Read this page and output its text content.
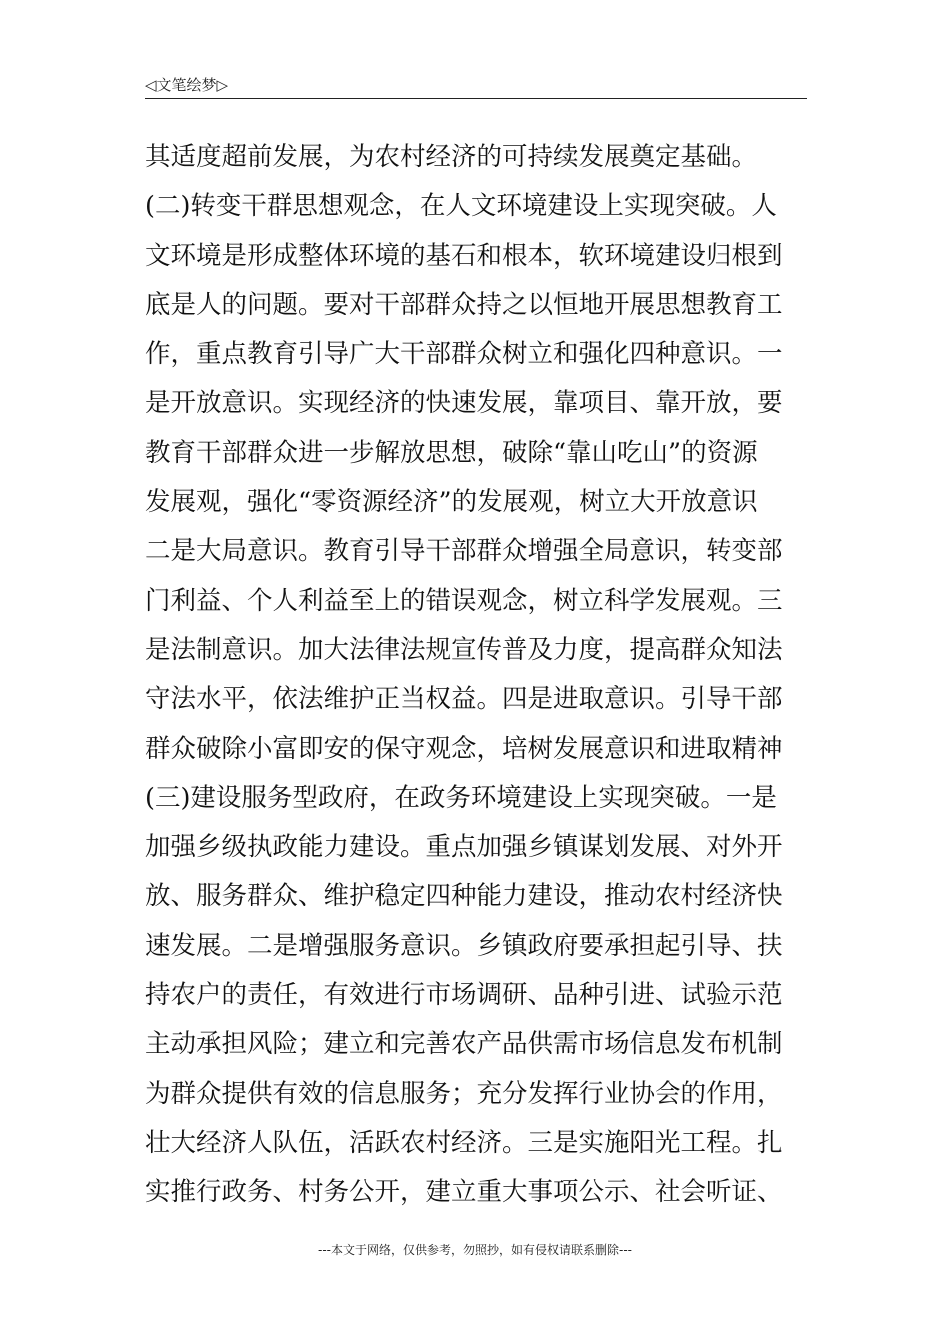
◁文笔绘梦▷
其适度超前发展，为农村经济的可持续发展奠定基础。
(二)转变干群思想观念，在人文环境建设上实现突破。人
文环境是形成整体环境的基石和根本，软环境建设归根到
底是人的问题。要对干部群众持之以恒地开展思想教育工
作，重点教育引导广大干部群众树立和强化四种意识。一
是开放意识。实现经济的快速发展，靠项目、靠开放，要
教育干部群众进一步解放思想，破除“靠山吃山”的资源
发展观，强化“零资源经济”的发展观，树立大开放意识
二是大局意识。教育引导干部群众增强全局意识，转变部
门利益、个人利益至上的错误观念，树立科学发展观。三
是法制意识。加大法律法规宣传普及力度，提高群众知法
守法水平，依法维护正当权益。四是进取意识。引导干部
群众破除小富即安的保守观念，培树发展意识和进取精神
(三)建设服务型政府，在政务环境建设上实现突破。一是
加强乡级执政能力建设。重点加强乡镇谋划发展、对外开
放、服务群众、维护稳定四种能力建设，推动农村经济快
速发展。二是增强服务意识。乡镇政府要承担起引导、扶
持农户的责任，有效进行市场调研、品种引进、试验示范
主动承担风险；建立和完善农产品供需市场信息发布机制
为群众提供有效的信息服务；充分发挥行业协会的作用，
壮大经济人队伍，活跃农村经济。三是实施阳光工程。扎
实推行政务、村务公开，建立重大事项公示、社会听证、
---本文于网络，仅供参考，勿照抄，如有侵权请联系删除---
